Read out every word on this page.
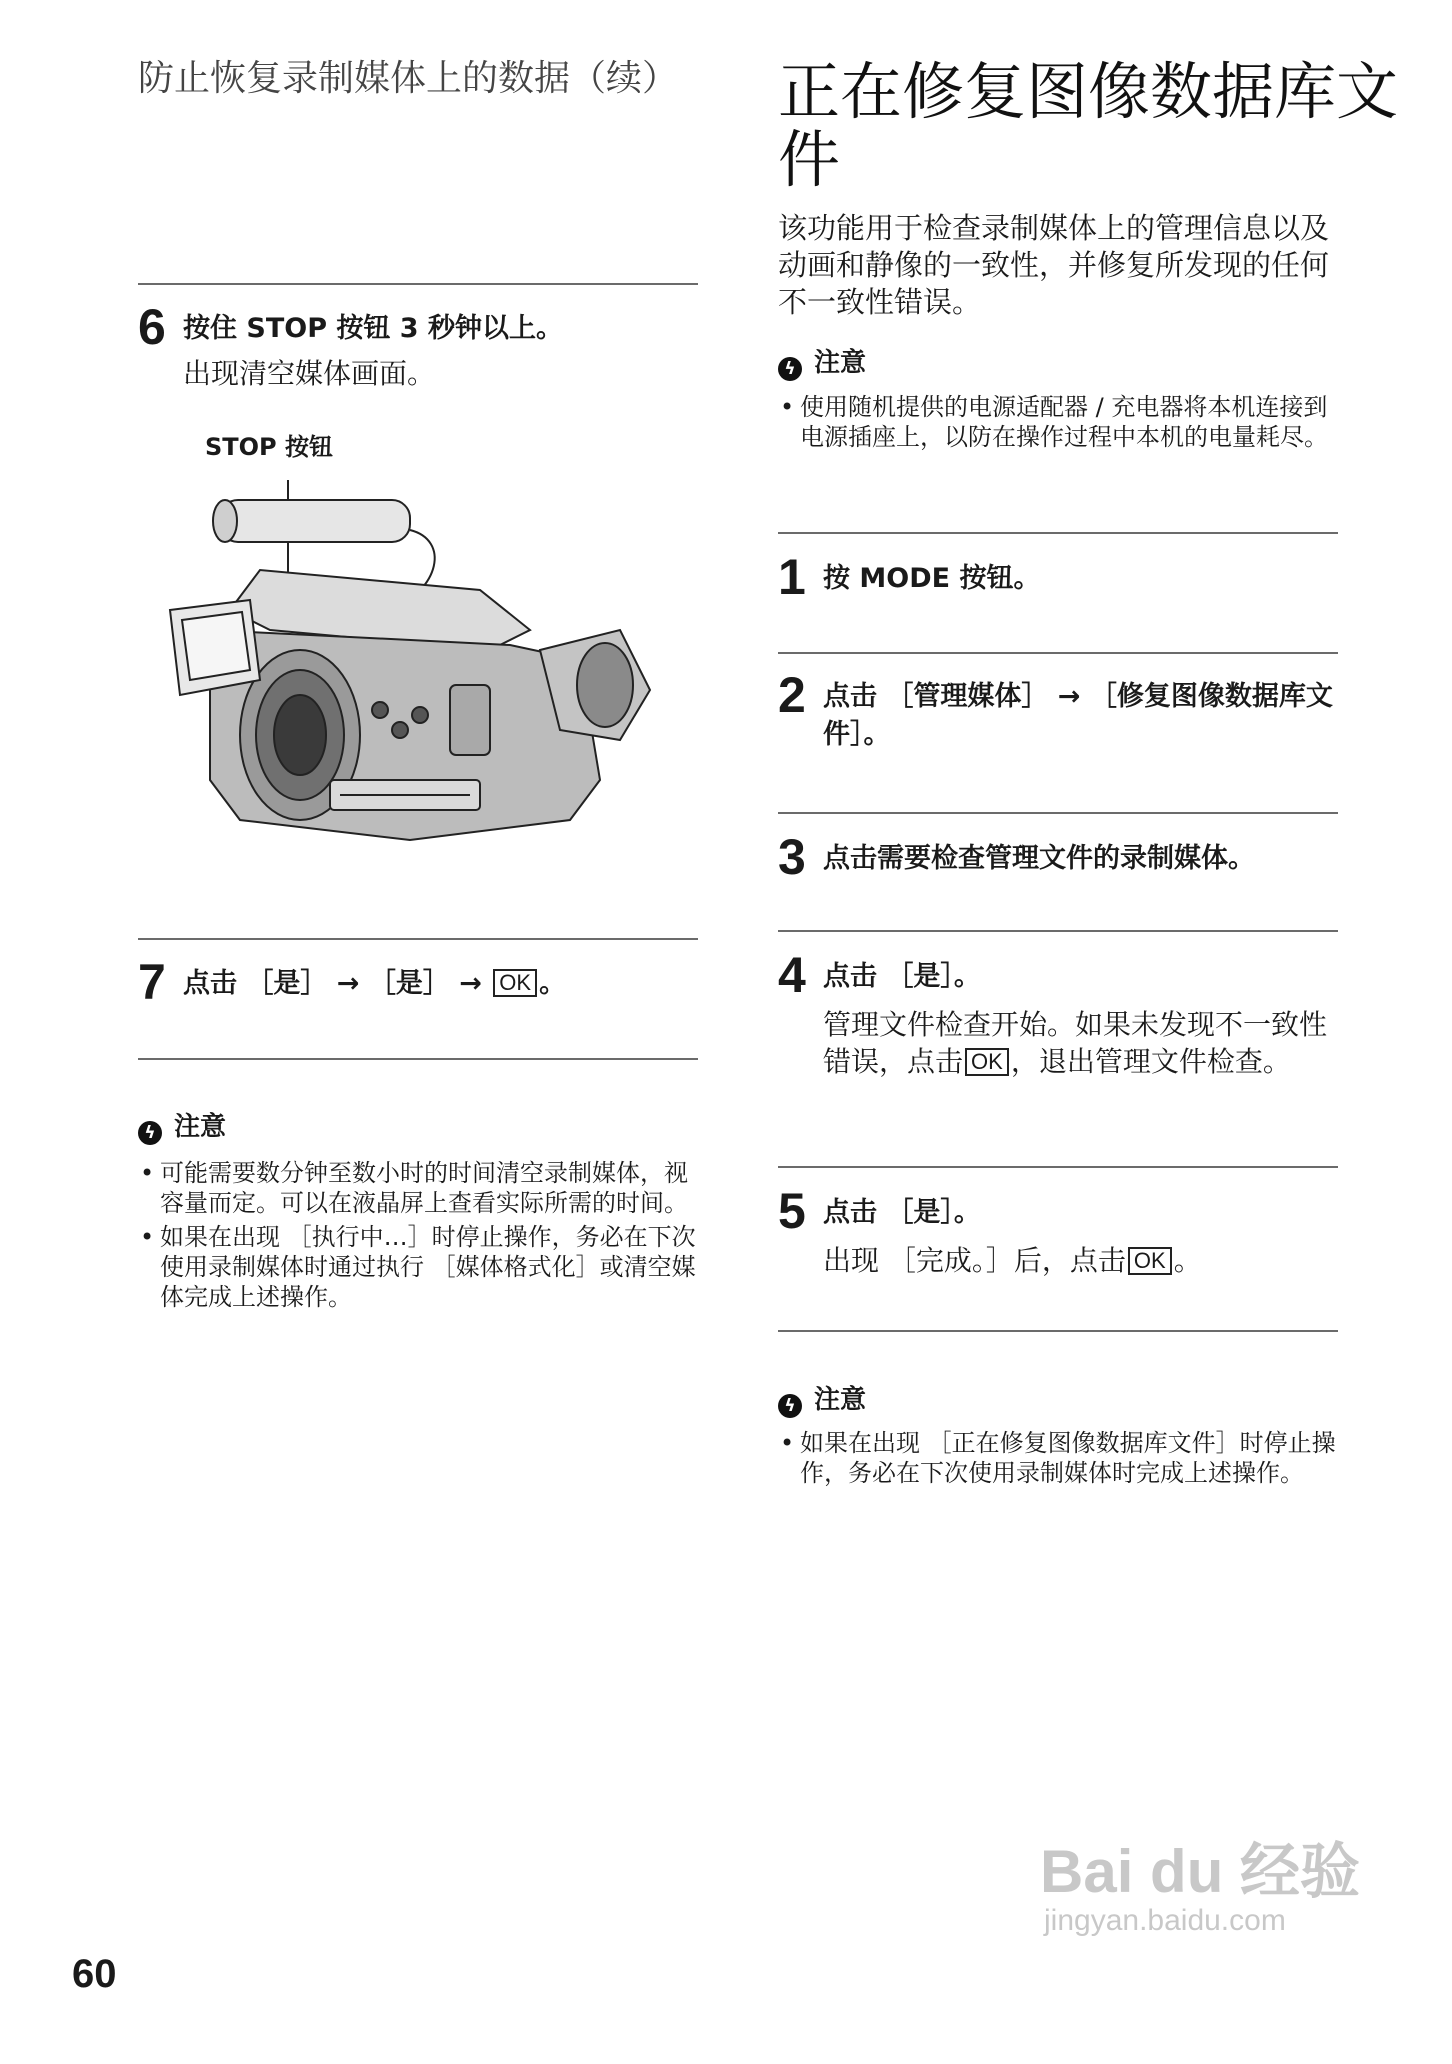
防止恢复录制媒体上的数据（续）
6 按住 STOP 按钮 3 秒钟以上。
出现清空媒体画面。
STOP 按钮
7 点击 ［是］ → ［是］ → OK 。
ϟ 注意
• 可能需要数分钟至数小时的时间清空录制媒体，视容量而定。可以在液晶屏上查看实际所需的时间。
• 如果在出现 ［执行中…］时停止操作，务必在下次使用录制媒体时通过执行 ［媒体格式化］或清空媒体完成上述操作。
正在修复图像数据库文件
该功能用于检查录制媒体上的管理信息以及动画和静像的一致性，并修复所发现的任何不一致性错误。
ϟ 注意
• 使用随机提供的电源适配器 / 充电器将本机连接到电源插座上，以防在操作过程中本机的电量耗尽。
1 按 MODE 按钮。
2 点击 ［管理媒体］ → ［修复图像数据库文件］。
3 点击需要检查管理文件的录制媒体。
4 点击 ［是］。
管理文件检查开始。如果未发现不一致性错误，点击 OK ，退出管理文件检查。
5 点击 ［是］。
出现 ［完成。］后，点击 OK 。
ϟ 注意
• 如果在出现 ［正在修复图像数据库文件］时停止操作，务必在下次使用录制媒体时完成上述操作。
60
Bai du 经验
jingyan.baidu.com
